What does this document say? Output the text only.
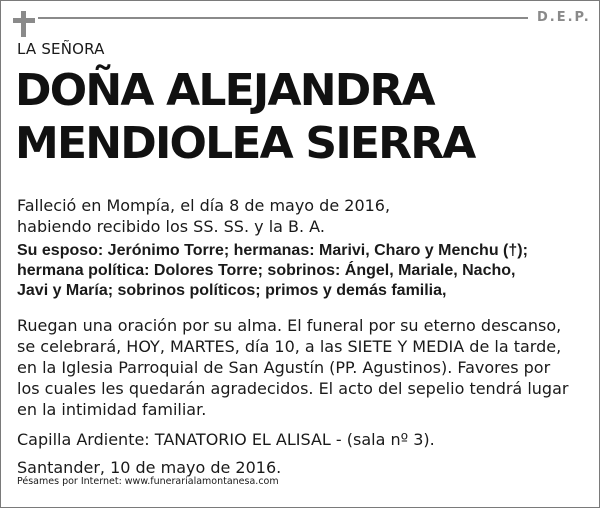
D.E.P.
LA SEÑORA
DOÑA ALEJANDRA
MENDIOLEA SIERRA
Falleció en Mompía, el día 8 de mayo de 2016,
habiendo recibido los SS. SS. y la B. A.
Su esposo: Jerónimo Torre; hermanas: Marivi, Charo y Menchu (†);
hermana política: Dolores Torre; sobrinos: Ángel, Mariale, Nacho,
Javi y María; sobrinos políticos; primos y demás familia,
Ruegan una oración por su alma. El funeral por su eterno descanso,
se celebrará, HOY, MARTES, día 10, a las SIETE Y MEDIA de la tarde,
en la Iglesia Parroquial de San Agustín (PP. Agustinos). Favores por
los cuales les quedarán agradecidos. El acto del sepelio tendrá lugar
en la intimidad familiar.
Capilla Ardiente: TANATORIO EL ALISAL - (sala nº 3).
Santander, 10 de mayo de 2016.
Pésames por Internet: www.funerarialamontanesa.com
